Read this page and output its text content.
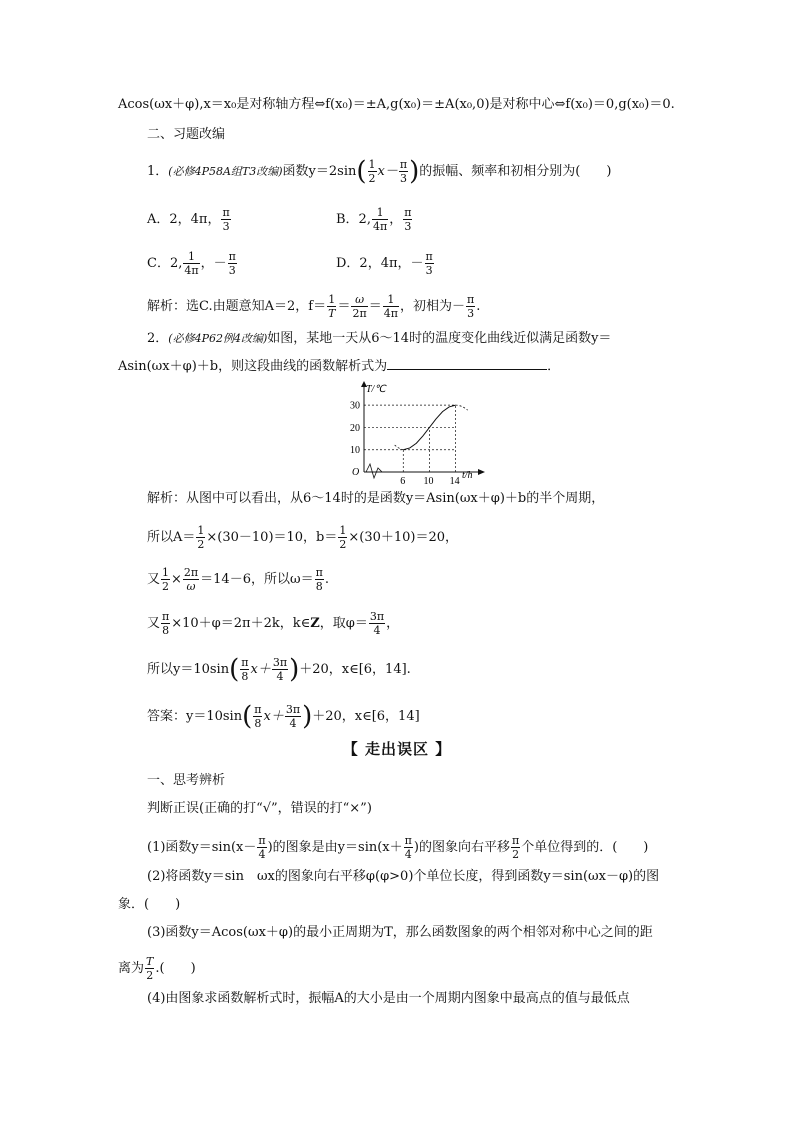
Acos(ωx＋φ),x＝x₀是对称轴方程⇔f(x₀)＝±A,g(x₀)＝±A(x₀,0)是对称中心⇔f(x₀)＝0,g(x₀)＝0.
二、习题改编
1．(必修4P58A组T3改编)函数$y=2\sin( \frac{1}{2} x- \frac{\pi}{3}$ )的振幅、频率和初相分别为(　　)
A．2，4π， $\frac{\pi}{3}$	B．2, $\frac{1}{4\pi}$ ， $\frac{\pi}{3}$
C．2, $\frac{1}{4\pi}$ ，－ $\frac{\pi}{3}$	D．2，4π，－ $\frac{\pi}{3}$
解析：选C.由题意知A＝2，$f= \frac{1}{T} = \frac{\omega}{2\pi} = \frac{1}{4\pi}$ ，初相为－ $\frac{\pi}{3}$ .
2．(必修4P62例4改编)如图，某地一天从6～14时的温度变化曲线近似满足函数y＝
Asin(ωx＋φ)＋b，则这段曲线的函数解析式为	．
T/℃
t/h
O
10
20
30
6 10 14
解析：从图中可以看出，从6～14时的是函数y＝Asin(ωx＋φ)＋b的半个周期，
所以$A= \frac{1}{2} \times(30-10)=10$，$b= \frac{1}{2} \times(30+10)=20$，
又 $\frac{1}{2} \times \frac{2\pi}{\omega} =14-6$，所以$\omega= \frac{\pi}{8}$ .
又 $\frac{\pi}{8} \times 10+\varphi=2\pi+2k$，k∈Z，取$\varphi= \frac{3\pi}{4}$ ，
所以$y=10\sin( \frac{\pi}{8} x+ \frac{3\pi}{4} )+20$，x∈[6，14].
答案：$y=10\sin( \frac{\pi}{8} x+ \frac{3\pi}{4} )+20$，x∈[6，14]
【 走出误区 】
一、思考辨析
判断正误(正确的打“√”，错误的打“×”)
(1)函数$y=\sin(x- \frac{\pi}{4}$ )的图象是由$y=\sin(x+ \frac{\pi}{4}$ )的图象向右平移 $\frac{\pi}{2}$ 个单位得到的．(　　)
(2)将函数y＝sin　ωx的图象向右平移φ(φ>0)个单位长度，得到函数y＝sin(ωx－φ)的图
象．(　　)
(3)函数y＝Acos(ωx＋φ)的最小正周期为T，那么函数图象的两个相邻对称中心之间的距
离为 $\frac{T}{2}$ .(　　)
(4)由图象求函数解析式时，振幅A的大小是由一个周期内图象中最高点的值与最低点
